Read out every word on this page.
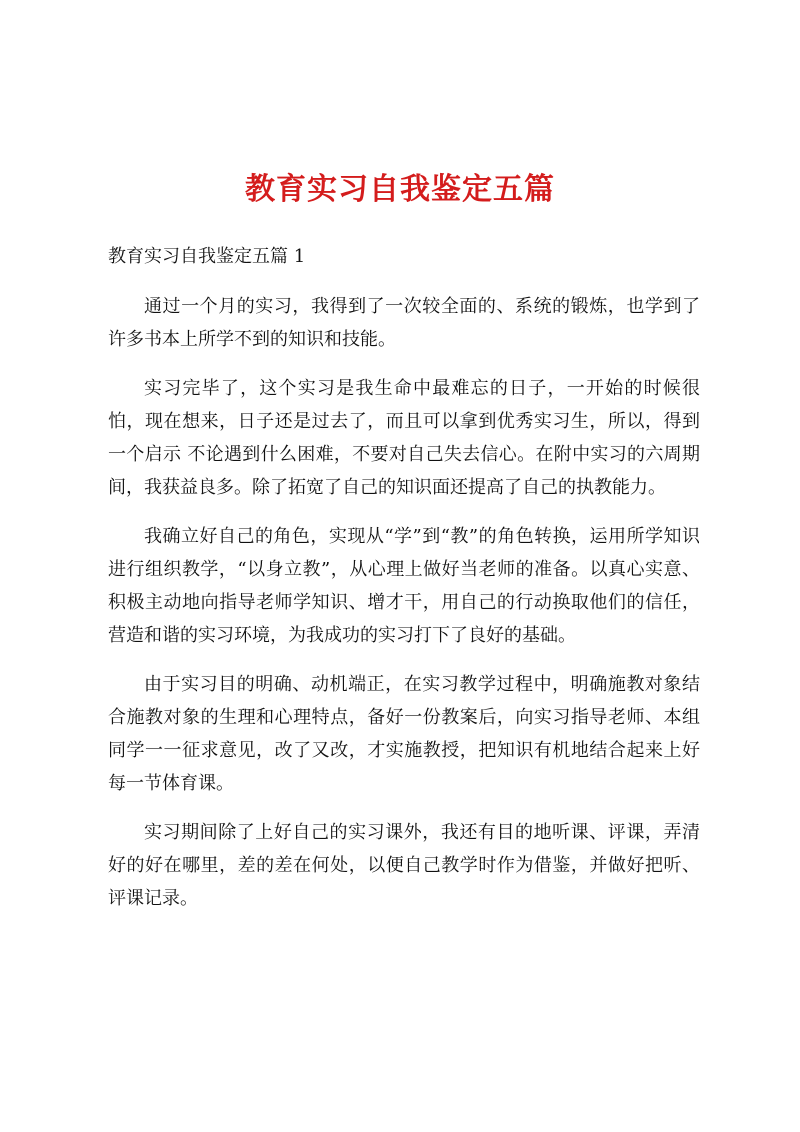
教育实习自我鉴定五篇
教育实习自我鉴定五篇 1

通过一个月的实习，我得到了一次较全面的、系统的锻炼，也学到了许多书本上所学不到的知识和技能。

实习完毕了，这个实习是我生命中最难忘的日子，一开始的时候很怕，现在想来，日子还是过去了，而且可以拿到优秀实习生，所以，得到一个启示 不论遇到什么困难，不要对自己失去信心。在附中实习的六周期间，我获益良多。除了拓宽了自己的知识面还提高了自己的执教能力。

我确立好自己的角色，实现从“学”到“教”的角色转换，运用所学知识进行组织教学，“以身立教”，从心理上做好当老师的准备。以真心实意、积极主动地向指导老师学知识、增才干，用自己的行动换取他们的信任，营造和谐的实习环境，为我成功的实习打下了良好的基础。

由于实习目的明确、动机端正，在实习教学过程中，明确施教对象结合施教对象的生理和心理特点，备好一份教案后，向实习指导老师、本组同学一一征求意见，改了又改，才实施教授，把知识有机地结合起来上好每一节体育课。

实习期间除了上好自己的实习课外，我还有目的地听课、评课，弄清好的好在哪里，差的差在何处，以便自己教学时作为借鉴，并做好把听、评课记录。
